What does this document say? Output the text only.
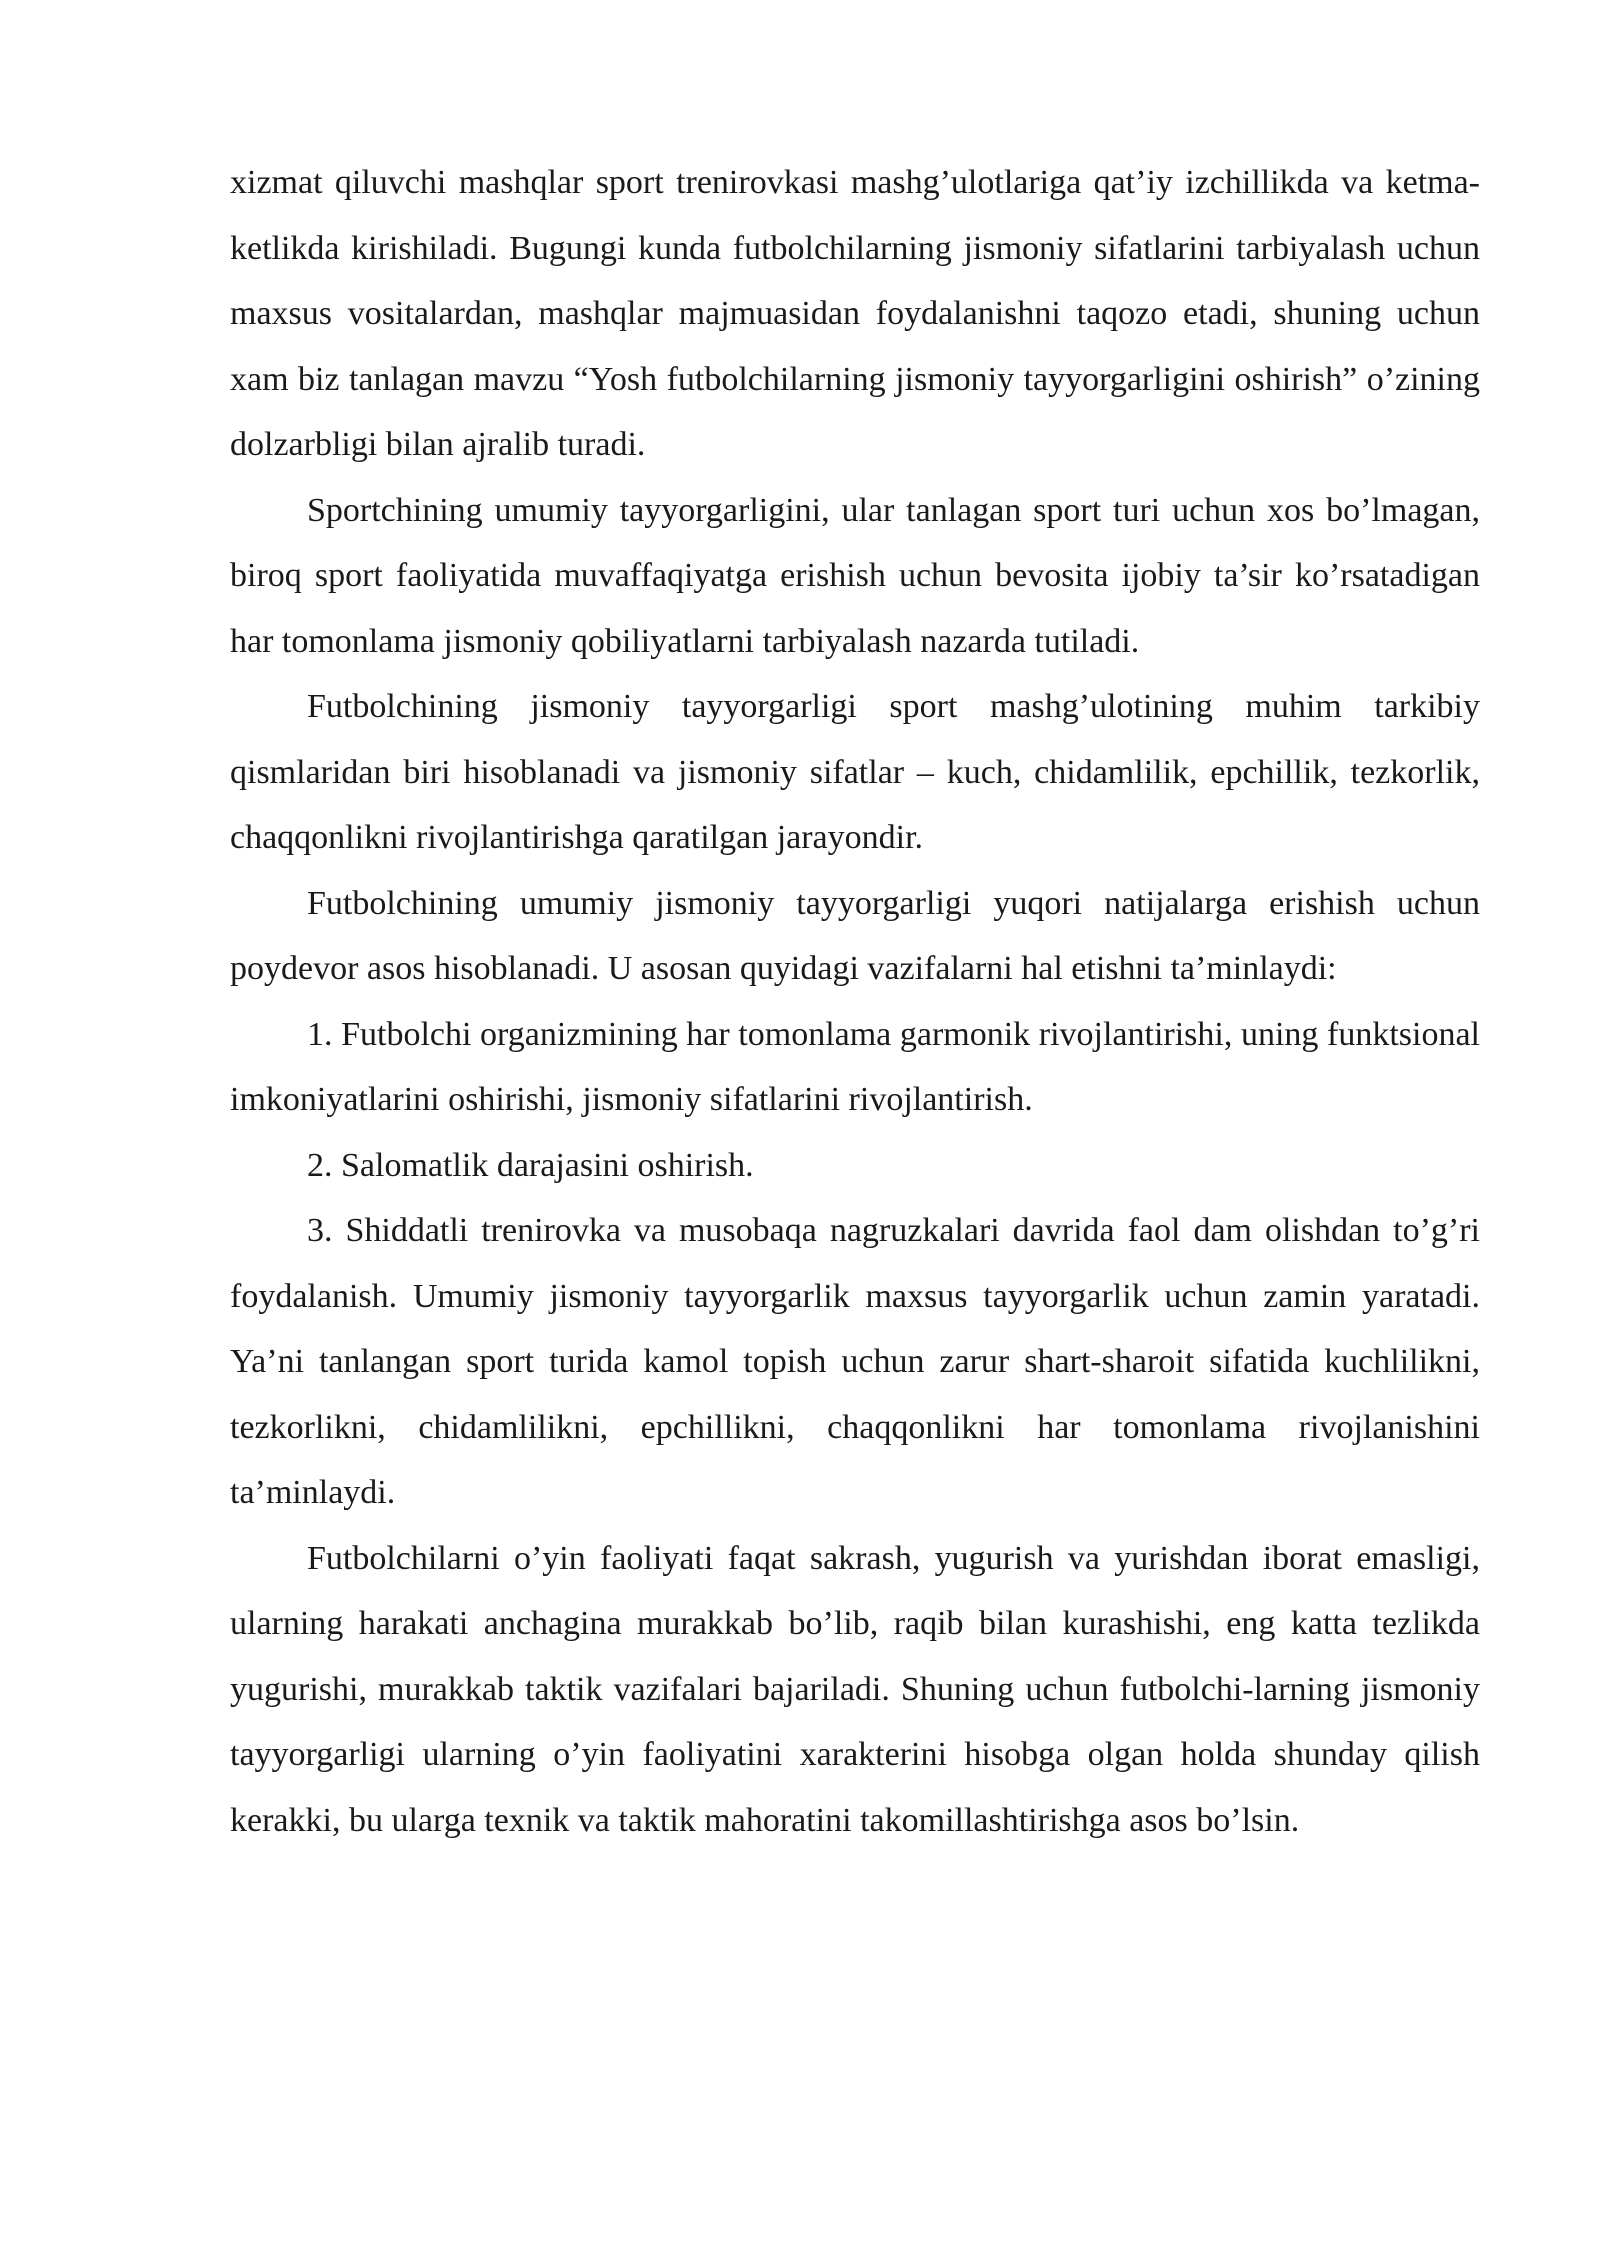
xizmat qiluvchi mashqlar sport trenirovkasi mashg’ulotlariga qat’iy izchillikda va ketma-ketlikda kirishiladi. Bugungi kunda futbolchilarning jismoniy sifatlarini tarbiyalash uchun maxsus vositalardan, mashqlar majmuasidan foydalanishni taqozo etadi, shuning uchun xam biz tanlagan mavzu “Yosh futbolchilarning jismoniy tayyorgarligini oshirish” o’zining dolzarbligi bilan ajralib turadi.

Sportchining umumiy tayyorgarligini, ular tanlagan sport turi uchun xos bo’lmagan, biroq sport faoliyatida muvaffaqiyatga erishish uchun bevosita ijobiy ta’sir ko’rsatadigan har tomonlama jismoniy qobiliyatlarni tarbiyalash nazarda tutiladi.

Futbolchining jismoniy tayyorgarligi sport mashg’ulotining muhim tarkibiy qismlaridan biri hisoblanadi va jismoniy sifatlar – kuch, chidamlilik, epchillik, tezkorlik, chaqqonlikni rivojlantirishga qaratilgan jarayondir.

Futbolchining umumiy jismoniy tayyorgarligi yuqori natijalarga erishish uchun poydevor asos hisoblanadi. U asosan quyidagi vazifalarni hal etishni ta’minlaydi:

1. Futbolchi organizmining har tomonlama garmonik rivojlantirishi, uning funktsional imkoniyatlarini oshirishi, jismoniy sifatlarini rivojlantirish.

2. Salomatlik darajasini oshirish.

3. Shiddatli trenirovka va musobaqa nagruzkalari davrida faol dam olishdan to’g’ri foydalanish. Umumiy jismoniy tayyorgarlik maxsus tayyorgarlik uchun zamin yaratadi. Ya’ni tanlangan sport turida kamol topish uchun zarur shart-sharoit sifatida kuchlilikni, tezkorlikni, chidamlilikni, epchillikni, chaqqonlikni har tomonlama rivojlanishini ta’minlaydi.

Futbolchilarni o’yin faoliyati faqat sakrash, yugurish va yurishdan iborat emasligi, ularning harakati anchagina murakkab bo’lib, raqib bilan kurashishi, eng katta tezlikda yugurishi, murakkab taktik vazifalari bajariladi. Shuning uchun futbolchi-larning jismoniy tayyorgarligi ularning o’yin faoliyatini xarakterini hisobga olgan holda shunday qilish kerakki, bu ularga texnik va taktik mahoratini takomillashtirishga asos bo’lsin.
